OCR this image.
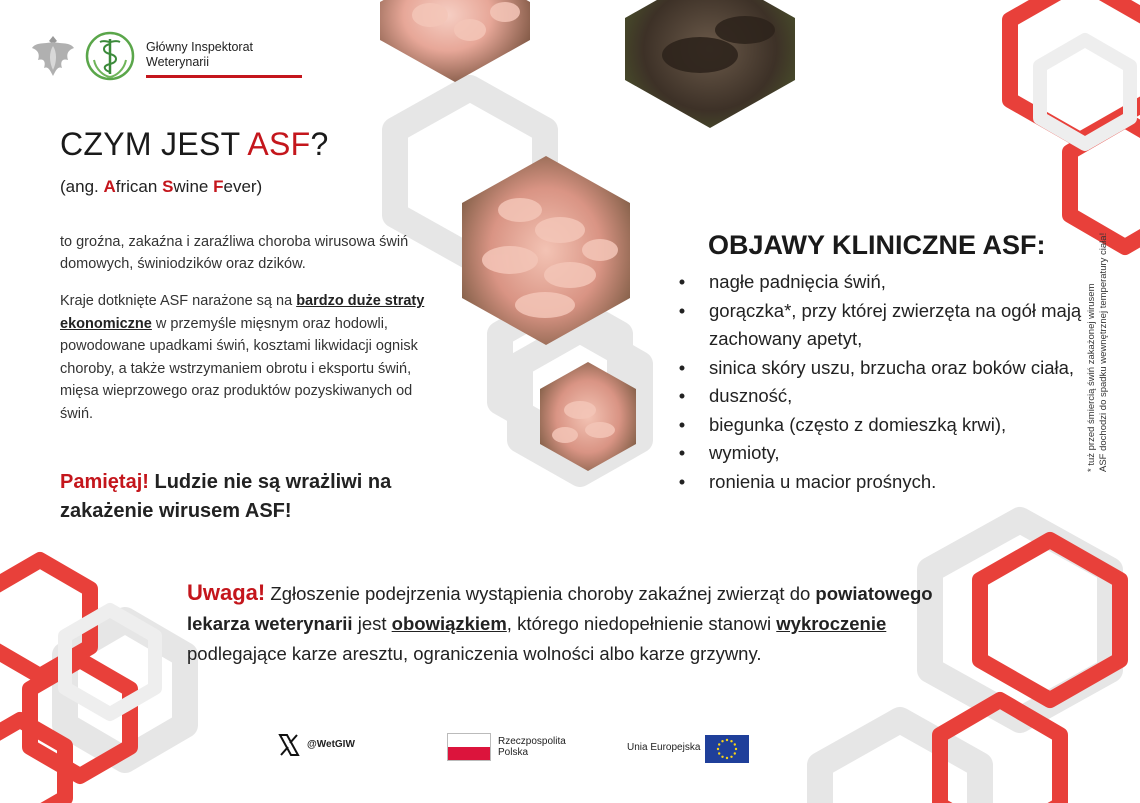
Główny Inspektorat
Weterynarii
CZYM JEST ASF?
(ang. African Swine Fever)

to groźna, zakaźna i zaraźliwa choroba wirusowa świń domowych, świniodzików oraz dzików.

Kraje dotknięte ASF narażone są na bardzo duże straty ekonomiczne w przemyśle mięsnym oraz hodowli, powodowane upadkami świń, kosztami likwidacji ognisk choroby, a także wstrzymaniem obrotu i eksportu świń, mięsa wieprzowego oraz produktów pozyskiwanych od świń.

Pamiętaj! Ludzie nie są wrażliwi na zakażenie wirusem ASF!

OBJAWY KLINICZNE ASF:
•	nagłe padnięcia świń,
•	gorączka*, przy której zwierzęta na ogół mają zachowany apetyt,
•	sinica skóry uszu, brzucha oraz boków ciała,
•	duszność,
•	biegunka (często z domieszką krwi),
•	wymioty,
•	ronienia u macior prośnych.
* tuż przed śmiercią świń zakażonej wirusem ASF dochodzi do spadku wewnętrznej temperatury ciała!

Uwaga! Zgłoszenie podejrzenia wystąpienia choroby zakaźnej zwierząt do powiatowego lekarza weterynarii jest obowiązkiem, którego niedopełnienie stanowi wykroczenie podlegające karze aresztu, ograniczenia wolności albo karze grzywny.

@WetGIW	Rzeczpospolita
Polska	Unia Europejska
